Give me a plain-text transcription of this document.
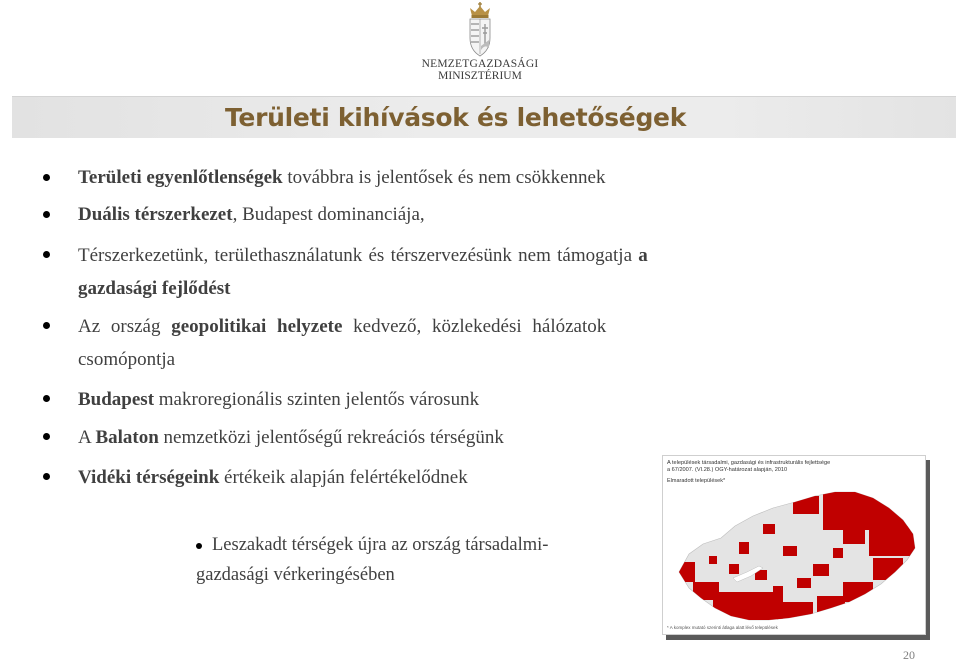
NEMZETGAZDASÁGI
MINISZTÉRIUM
Területi kihívások és lehetőségek

Területi egyenlőtlenségek továbbra is jelentősek és nem csökkennek

Duális térszerkezet, Budapest dominanciája,

Térszerkezetünk, területhasználatunk és térszervezésünk nem támogatja a

gazdasági fejlődést

Az ország geopolitikai helyzete kedvező, közlekedési hálózatok

csomópontja

Budapest makroregionális szinten jelentős városunk

A Balaton nemzetközi jelentőségű rekreációs térségünk

Vidéki térségeink értékeik alapján felértékelődnek

Leszakadt térségek újra az ország társadalmi-

gazdasági vérkeringésében

A települések társadalmi, gazdasági és infrastrukturális fejlettsége

a 67/2007. (VI.28.) OGY-határozat alapján, 2010

Elmaradott települések*

* A komplex mutató szerinti átlaga alatt lévő települések

20
